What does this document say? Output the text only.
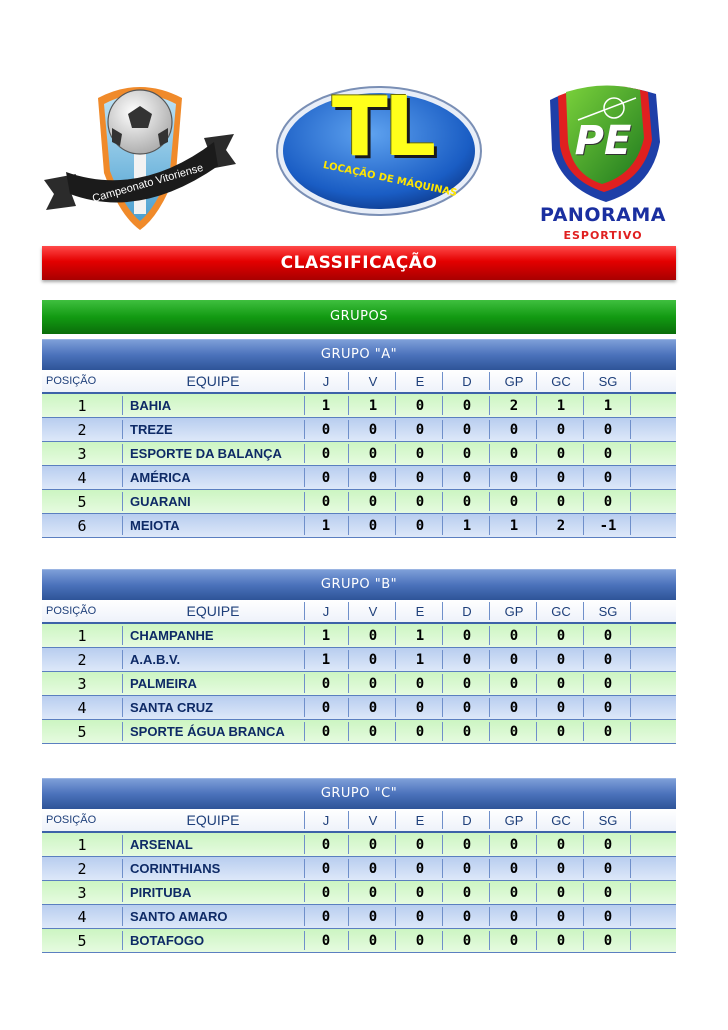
Campeonato Vitoriense
TL
LOCAÇÃO DE MÁQUINAS
PE
PANORAMA
ESPORTIVO
CLASSIFICAÇÃO
GRUPOS
GRUPO "A"
POSIÇÃO	EQUIPE	J	V	E	D	GP	GC	SG
1	BAHIA	1	1	0	0	2	1	1
2	TREZE	0	0	0	0	0	0	0
3	ESPORTE DA BALANÇA	0	0	0	0	0	0	0
4	AMÉRICA	0	0	0	0	0	0	0
5	GUARANI	0	0	0	0	0	0	0
6	MEIOTA	1	0	0	1	1	2	-1
GRUPO "B"
POSIÇÃO	EQUIPE	J	V	E	D	GP	GC	SG
1	CHAMPANHE	1	0	1	0	0	0	0
2	A.A.B.V.	1	0	1	0	0	0	0
3	PALMEIRA	0	0	0	0	0	0	0
4	SANTA CRUZ	0	0	0	0	0	0	0
5	SPORTE ÁGUA BRANCA	0	0	0	0	0	0	0
GRUPO "C"
POSIÇÃO	EQUIPE	J	V	E	D	GP	GC	SG
1	ARSENAL	0	0	0	0	0	0	0
2	CORINTHIANS	0	0	0	0	0	0	0
3	PIRITUBA	0	0	0	0	0	0	0
4	SANTO AMARO	0	0	0	0	0	0	0
5	BOTAFOGO	0	0	0	0	0	0	0
